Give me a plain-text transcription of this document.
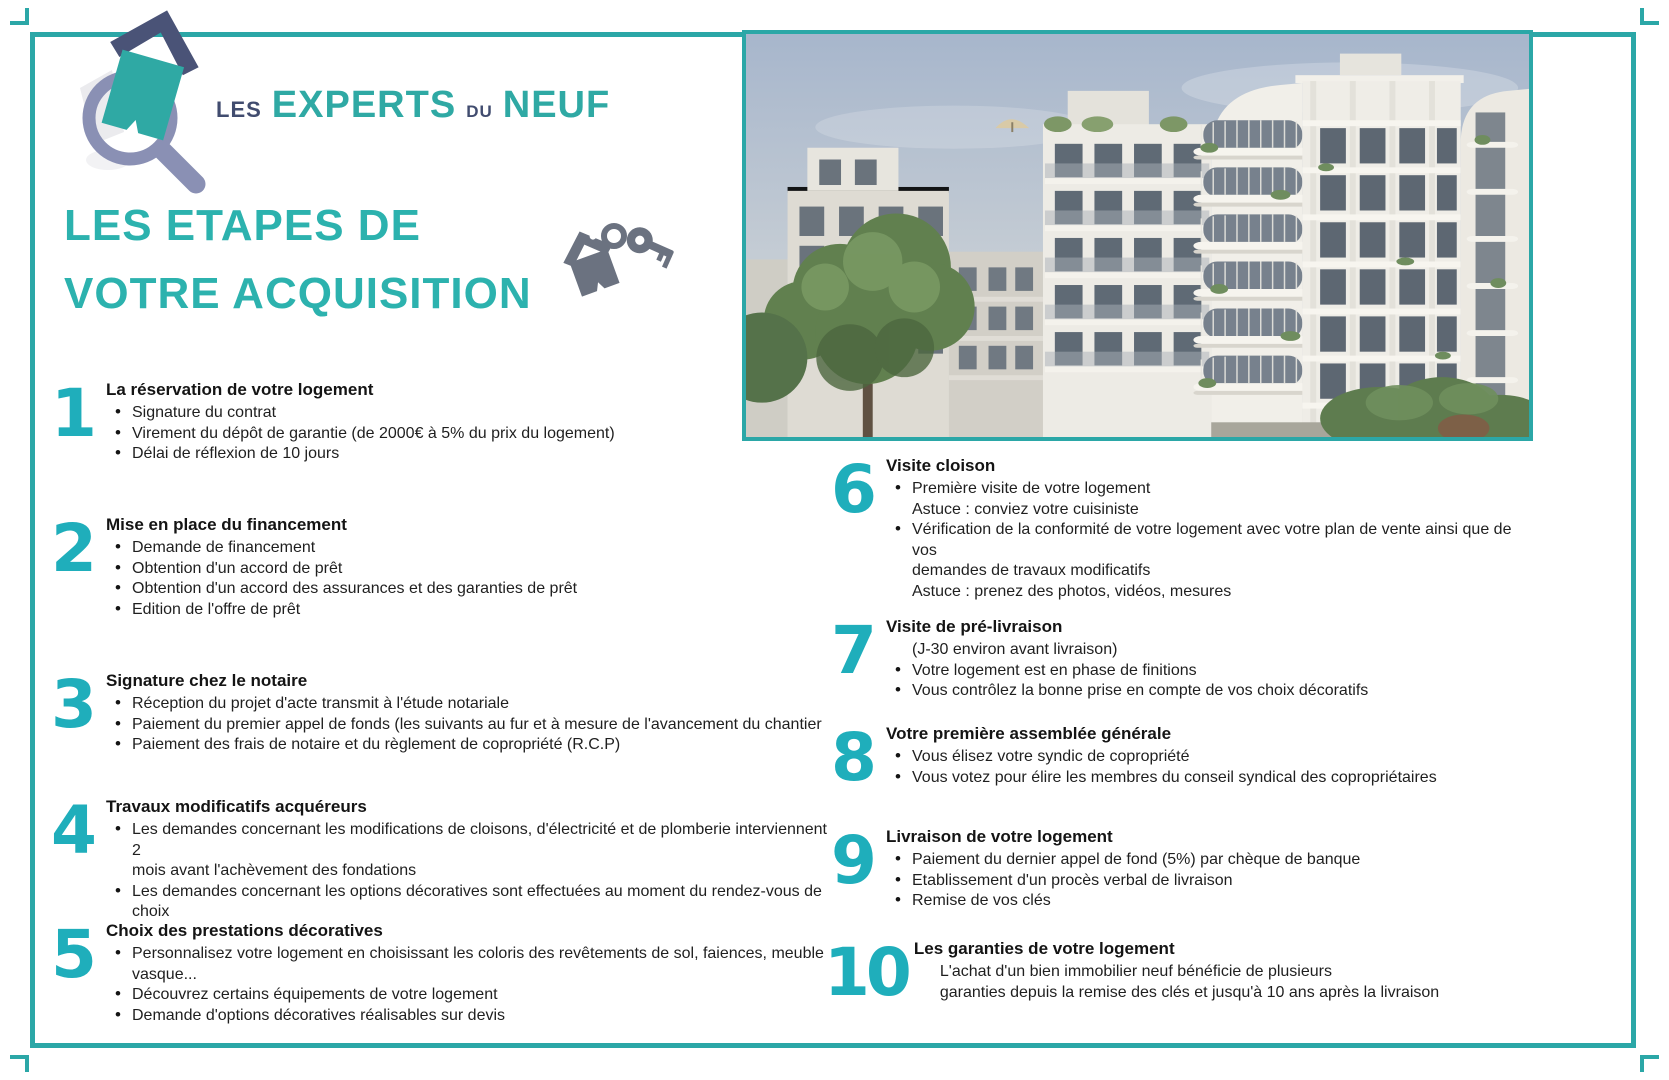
LES EXPERTS DU NEUF
LES ETAPES DE
VOTRE ACQUISITION
1 La réservation de votre logement
• Signature du contrat
• Virement du dépôt de garantie (de 2000€ à 5% du prix du logement)
• Délai de réflexion de 10 jours
2 Mise en place du financement
• Demande de financement
• Obtention d'un accord de prêt
• Obtention d'un accord des assurances et des garanties de prêt
• Edition de l'offre de prêt
3 Signature chez le notaire
• Réception du projet d'acte transmit à l'étude notariale
• Paiement du premier appel de fonds (les suivants au fur et à mesure de l'avancement du chantier
• Paiement des frais de notaire et du règlement de copropriété (R.C.P)
4 Travaux modificatifs acquéreurs
• Les demandes concernant les modifications de cloisons, d'électricité et de plomberie interviennent 2
mois avant l'achèvement des fondations
• Les demandes concernant les options décoratives sont effectuées au moment du rendez-vous de choix
5 Choix des prestations décoratives
• Personnalisez votre logement en choisissant les coloris des revêtements de sol, faiences, meuble
vasque...
• Découvrez certains équipements de votre logement
• Demande d'options décoratives réalisables sur devis
6 Visite cloison
• Première visite de votre logement
Astuce : conviez votre cuisiniste
• Vérification de la conformité de votre logement avec votre plan de vente ainsi que de vos
demandes de travaux modificatifs
Astuce : prenez des photos, vidéos, mesures
7 Visite de pré-livraison
(J-30 environ avant livraison)
• Votre logement est en phase de finitions
• Vous contrôlez la bonne prise en compte de vos choix décoratifs
8 Votre première assemblée générale
• Vous élisez votre syndic de copropriété
• Vous votez pour élire les membres du conseil syndical des copropriétaires
9 Livraison de votre logement
• Paiement du dernier appel de fond (5%) par chèque de banque
• Etablissement d'un procès verbal de livraison
• Remise de vos clés
10 Les garanties de votre logement
L'achat d'un bien immobilier neuf bénéficie de plusieurs
garanties depuis la remise des clés et jusqu'à 10 ans après la livraison
